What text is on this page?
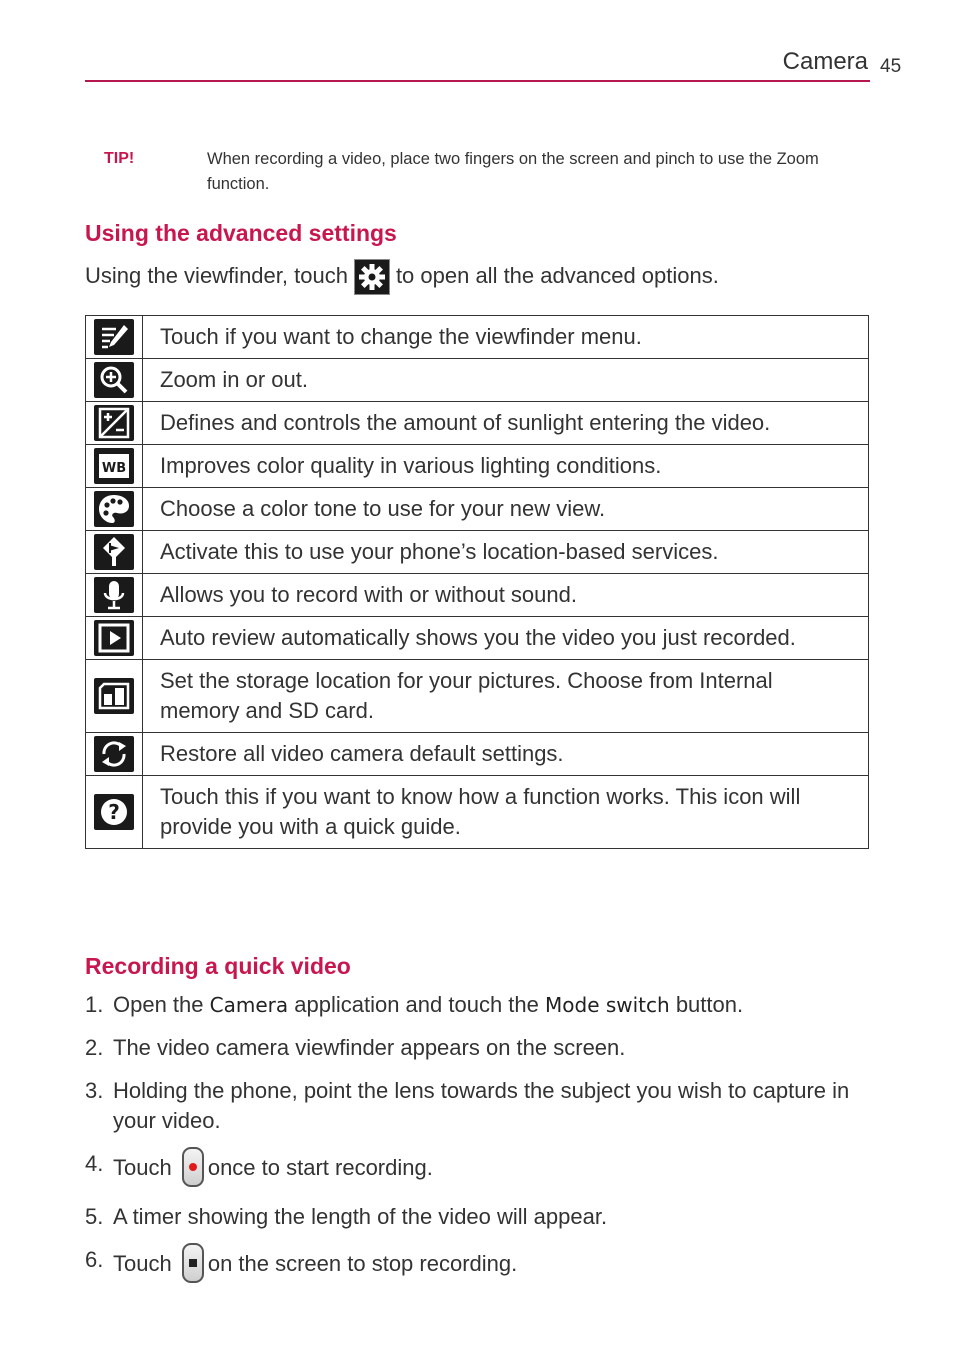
Camera 45
TIP!	When recording a video, place two fingers on the screen and pinch to use the Zoom
function.
Using the advanced settings
Using the viewfinder, touch to open all the advanced options.
	Touch if you want to change the viewfinder menu.

	Zoom in or out.

	Defines and controls the amount of sunlight entering the video.

WB	Improves color quality in various lighting conditions.

	Choose a color tone to use for your new view.

	Activate this to use your phone’s location-based services.

	Allows you to record with or without sound.

	Auto review automatically shows you the video you just recorded.

	Set the storage location for your pictures. Choose from Internal memory and SD card.

	Restore all video camera default settings.

?	Touch this if you want to know how a function works. This icon will provide you with a quick guide.
Recording a quick video
1. Open the Camera application and touch the Mode switch button.
2. The video camera viewfinder appears on the screen.
3. Holding the phone, point the lens towards the subject you wish to capture in your video.
4. Touch
once to start recording.
5. A timer showing the length of the video will appear.
6. Touch
on the screen to stop recording.
